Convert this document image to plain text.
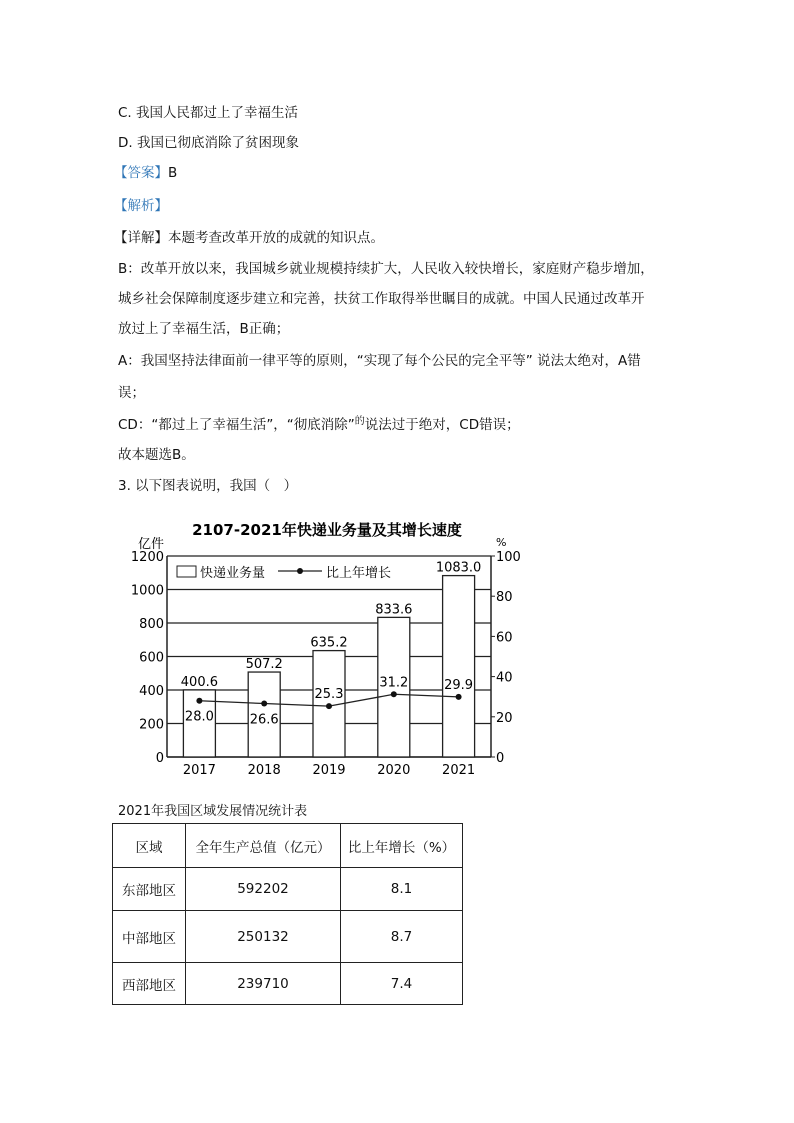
C. 我国人民都过上了幸福生活
D. 我国已彻底消除了贫困现象
【答案】B
【解析】
【详解】本题考查改革开放的成就的知识点。
B：改革开放以来，我国城乡就业规模持续扩大，人民收入较快增长，家庭财产稳步增加，
城乡社会保障制度逐步建立和完善，扶贫工作取得举世瞩目的成就。中国人民通过改革开
放过上了幸福生活，B正确；
A：我国坚持法律面前一律平等的原则，“实现了每个公民的完全平等” 说法太绝对，A错
误；
CD：“都过上了幸福生活”，“彻底消除”$^的$说法过于绝对，CD错误；
故本题选B。
3. 以下图表说明，我国（　）
2107-2021年快递业务量及其增长速度
亿件	%
0
200
400
600
800
1000
1200
0
20
40
60
80
100
400.6
507.2
635.2
833.6
1083.0
2017 2018 2019 2020 2021
28.0	26.6
25.3
31.2	29.9
快递业务量	比上年增长
2021年我国区域发展情况统计表
区域	全年生产总值（亿元）	比上年增长（%）
东部地区	592202	8.1
中部地区	250132	8.7
西部地区	239710	7.4
